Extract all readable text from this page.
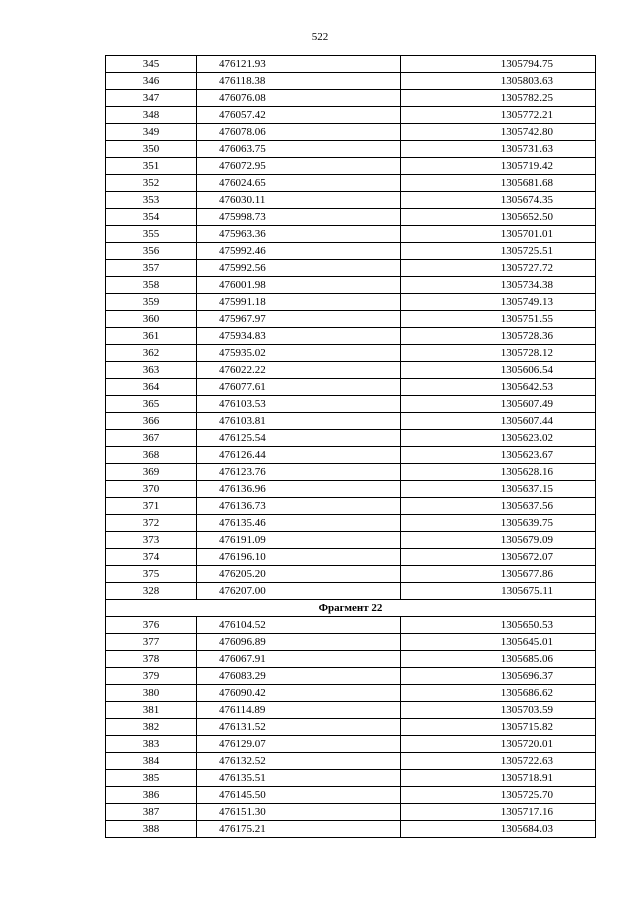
522
345	476121.93	1305794.75
346	476118.38	1305803.63
347	476076.08	1305782.25
348	476057.42	1305772.21
349	476078.06	1305742.80
350	476063.75	1305731.63
351	476072.95	1305719.42
352	476024.65	1305681.68
353	476030.11	1305674.35
354	475998.73	1305652.50
355	475963.36	1305701.01
356	475992.46	1305725.51
357	475992.56	1305727.72
358	476001.98	1305734.38
359	475991.18	1305749.13
360	475967.97	1305751.55
361	475934.83	1305728.36
362	475935.02	1305728.12
363	476022.22	1305606.54
364	476077.61	1305642.53
365	476103.53	1305607.49
366	476103.81	1305607.44
367	476125.54	1305623.02
368	476126.44	1305623.67
369	476123.76	1305628.16
370	476136.96	1305637.15
371	476136.73	1305637.56
372	476135.46	1305639.75
373	476191.09	1305679.09
374	476196.10	1305672.07
375	476205.20	1305677.86
328	476207.00	1305675.11
Фрагмент 22		
376	476104.52	1305650.53
377	476096.89	1305645.01
378	476067.91	1305685.06
379	476083.29	1305696.37
380	476090.42	1305686.62
381	476114.89	1305703.59
382	476131.52	1305715.82
383	476129.07	1305720.01
384	476132.52	1305722.63
385	476135.51	1305718.91
386	476145.50	1305725.70
387	476151.30	1305717.16
388	476175.21	1305684.03
